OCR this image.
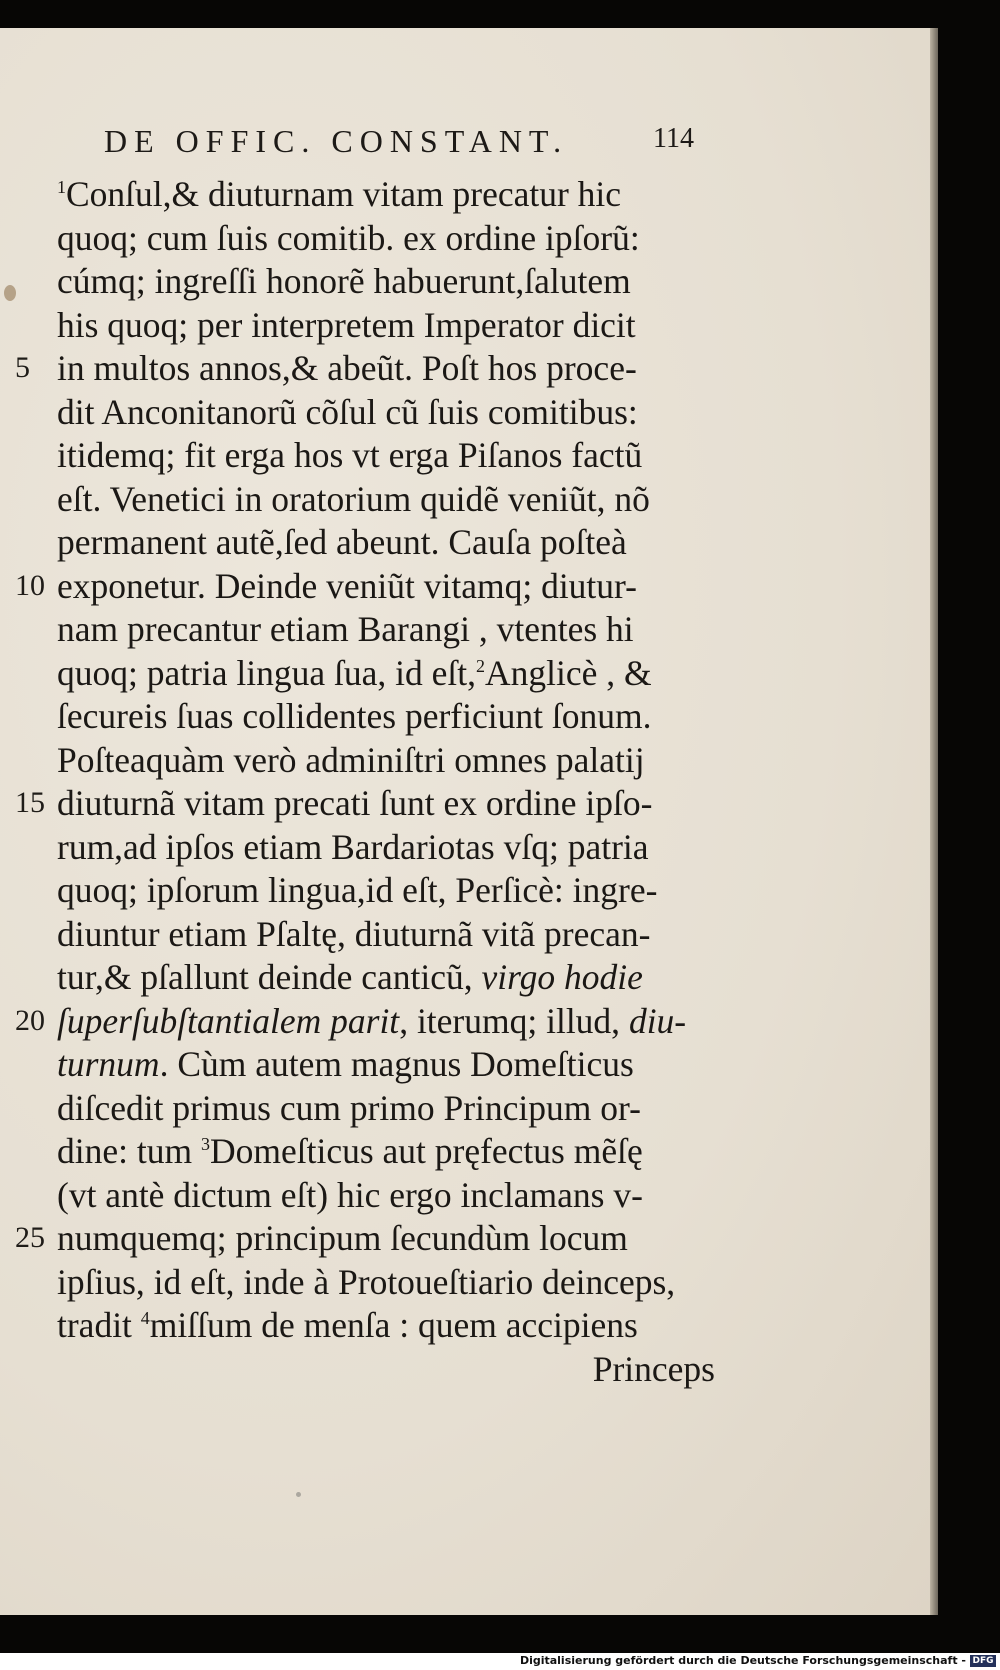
DE OFFIC. CONSTANT.	114
$^1$Conſul,& diuturnam vitam precatur hic
quoq; cum ſuis comitib. ex ordine ipſorũ:
cúmq; ingreſſi honorẽ habuerunt,ſalutem
his quoq; per interpretem Imperator dicit
5 in multos annos,& abeũt. Poſt hos proce-
dit Anconitanorũ cõſul cũ ſuis comitibus:
itidemq; fit erga hos vt erga Piſanos factũ
eſt. Venetici in oratorium quidẽ veniũt, nõ
permanent autẽ,ſed abeunt. Cauſa poſteà
10 exponetur. Deinde veniũt vitamq; diutur-
nam precantur etiam Barangi , vtentes hi
quoq; patria lingua ſua, id eſt,$^2$Anglicè , &
ſecureis ſuas collidentes perficiunt ſonum.
Poſteaquàm verò adminiſtri omnes palatij
15 diuturnã vitam precati ſunt ex ordine ipſo-
rum,ad ipſos etiam Bardariotas vſq; patria
quoq; ipſorum lingua,id eſt, Perſicè: ingre-
diuntur etiam Pſaltę, diuturnã vitã precan-
tur,& pſallunt deinde canticũ, virgo hodie
20 ſuperſubſtantialem parit, iterumq; illud, diu-
turnum. Cùm autem magnus Domeſticus
diſcedit primus cum primo Principum or-
dine: tum $^3$Domeſticus aut pręfectus mẽſę
(vt antè dictum eſt) hic ergo inclamans v-
25 numquemq; principum ſecundùm locum
ipſius, id eſt, inde à Protoueſtiario deinceps,
tradit $^4$miſſum de menſa : quem accipiens
Princeps
Digitalisierung gefördert durch die Deutsche Forschungsgemeinschaft - DFG
